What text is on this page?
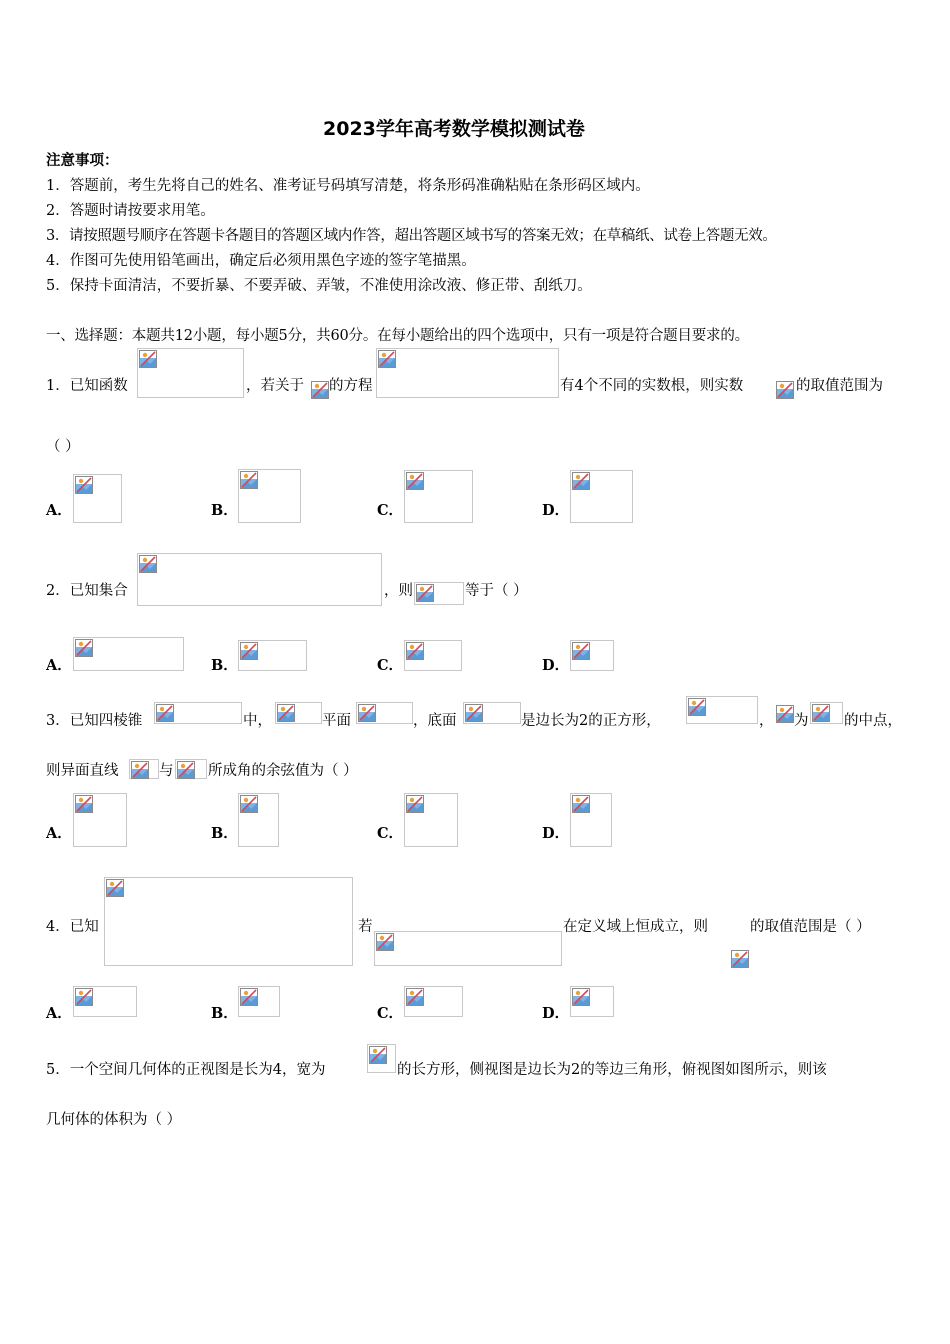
2023学年高考数学模拟测试卷
注意事项：
1．答题前，考生先将自己的姓名、准考证号码填写清楚，将条形码准确粘贴在条形码区域内。
2．答题时请按要求用笔。
3．请按照题号顺序在答题卡各题目的答题区域内作答，超出答题区域书写的答案无效；在草稿纸、试卷上答题无效。
4．作图可先使用铅笔画出，确定后必须用黑色字迹的签字笔描黑。
5．保持卡面清洁，不要折暴、不要弄破、弄皱，不准使用涂改液、修正带、刮纸刀。
一、选择题：本题共12小题，每小题5分，共60分。在每小题给出的四个选项中，只有一项是符合题目要求的。
1．已知函数	，若关于 的方程	有4个不同的实数根，则实数	的取值范围为
（ ）
A．	B．	C．	D．
2．已知集合	，则	等于（ ）
A．	B．	C．	D．
3．已知四棱锥	中，	平面	，底面	是边长为2的正方形，	， 为 的中点，
则异面直线	与 所成角的余弦值为（ ）
A．	B．	C．	D．
4．已知	若	在定义域上恒成立，则	的取值范围是（ ）
A．	B．	C．	D．
5．一个空间几何体的正视图是长为4，宽为	的长方形，侧视图是边长为2的等边三角形，俯视图如图所示，则该
几何体的体积为（ ）
